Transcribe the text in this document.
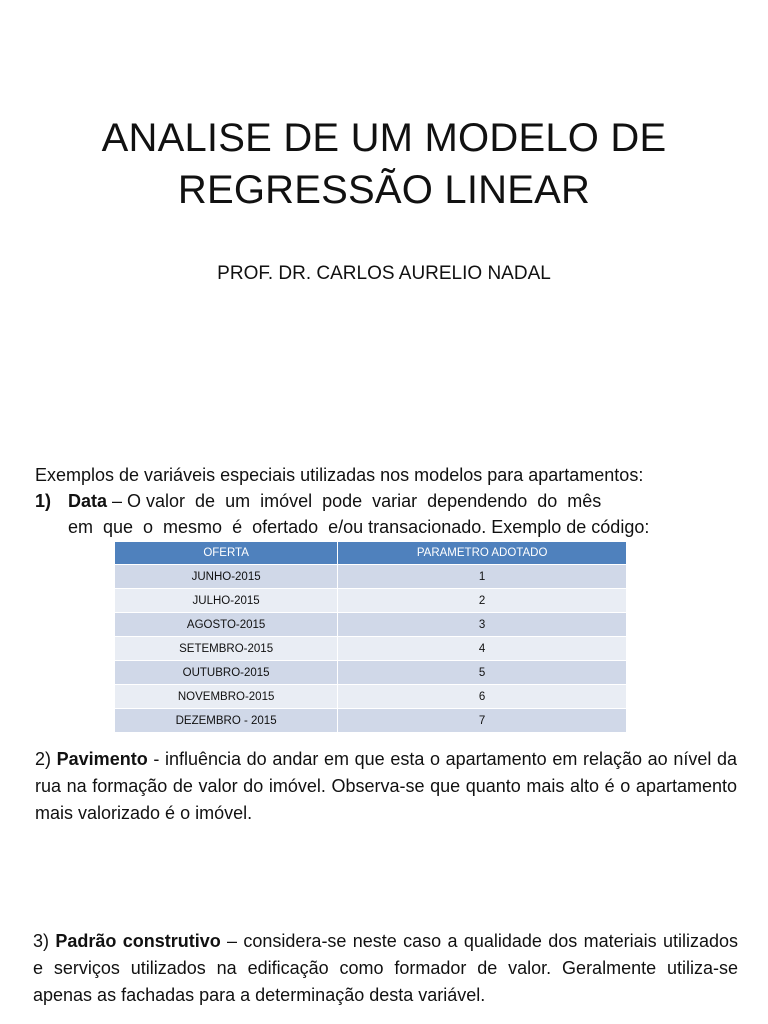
ANALISE DE UM MODELO DE
REGRESSÃO LINEAR
PROF. DR. CARLOS AURELIO NADAL
Exemplos de variáveis especiais utilizadas nos modelos para apartamentos:
1) Data – O valor  de  um  imóvel  pode  variar  dependendo  do  mês
em  que  o  mesmo  é  ofertado  e/ou transacionado. Exemplo de código:
OFERTA	PARAMETRO ADOTADO
JUNHO-2015	1
JULHO-2015	2
AGOSTO-2015	3
SETEMBRO-2015	4
OUTUBRO-2015	5
NOVEMBRO-2015	6
DEZEMBRO - 2015	7
2) Pavimento - influência do andar em que esta o apartamento em relação ao nível da rua na formação de valor do imóvel. Observa-se que quanto mais alto é o apartamento mais valorizado é o imóvel.
3) Padrão construtivo – considera-se neste caso a qualidade dos materiais utilizados e serviços utilizados na edificação como formador de valor. Geralmente utiliza-se apenas as fachadas para a determinação desta variável.
